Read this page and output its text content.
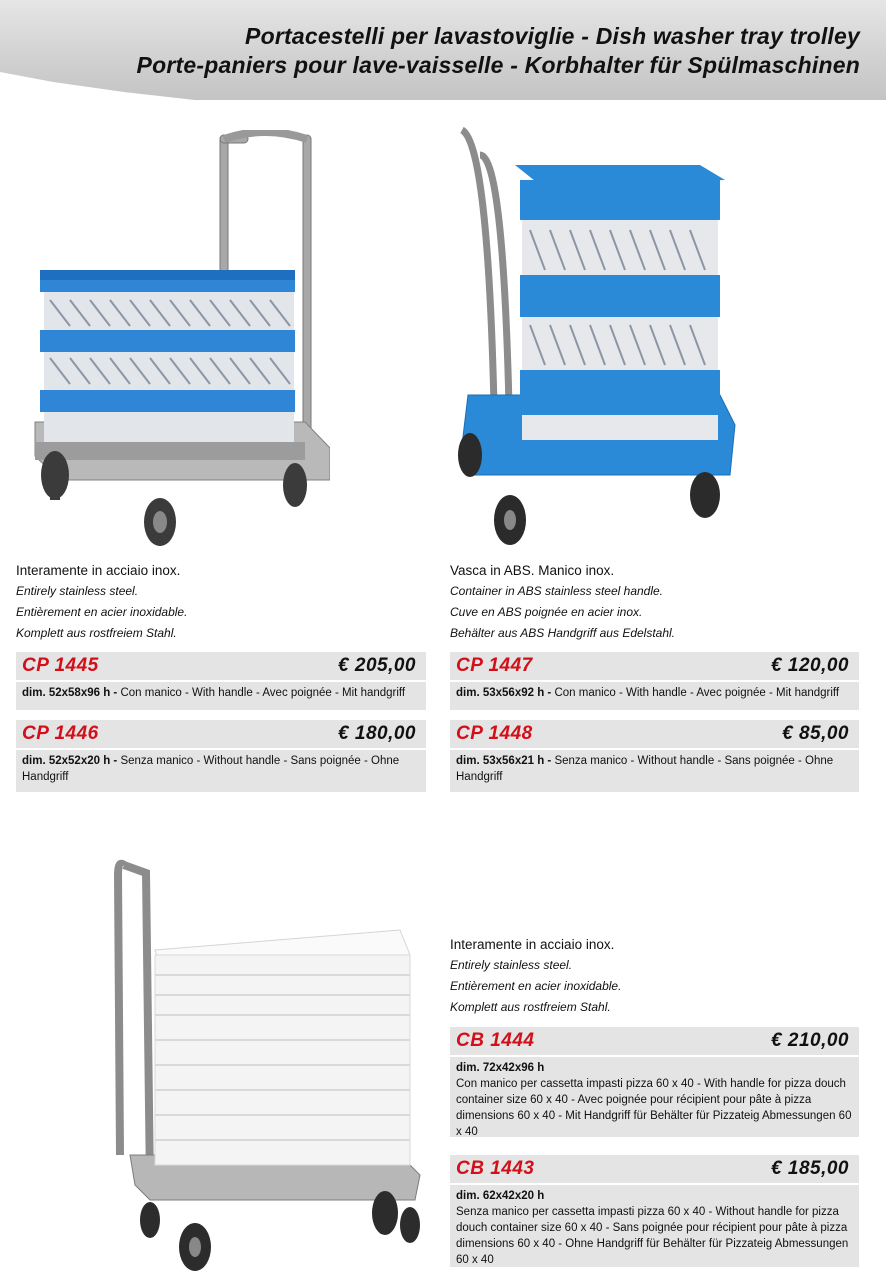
Portacestelli per lavastoviglie - Dish washer tray trolley
Porte-paniers pour lave-vaisselle - Korbhalter für Spülmaschinen
Interamente in acciaio inox.
Entirely stainless steel.
Entièrement en acier inoxidable.
Komplett aus rostfreiem Stahl.
Vasca in ABS. Manico inox.
Container in ABS stainless steel handle.
Cuve en ABS poignée en acier inox.
Behälter aus ABS Handgriff aus Edelstahl.
CP 1445	€ 205,00
dim. 52x58x96 h - Con manico - With handle - Avec poignée - Mit handgriff
CP 1446	€ 180,00
dim. 52x52x20 h - Senza manico - Without handle - Sans poignée - Ohne Handgriff
CP 1447	€ 120,00
dim. 53x56x92 h - Con manico - With handle - Avec poignée - Mit handgriff
CP 1448	€ 85,00
dim. 53x56x21 h - Senza manico - Without handle - Sans poignée - Ohne Handgriff
Interamente in acciaio inox.
Entirely stainless steel.
Entièrement en acier inoxidable.
Komplett aus rostfreiem Stahl.
CB 1444	€ 210,00
dim. 72x42x96 h
Con manico per cassetta impasti pizza 60 x 40 - With handle for pizza douch container size 60 x 40 - Avec poignée pour récipient pour pâte à pizza dimensions 60 x 40 - Mit Handgriff für Behälter für Pizzateig Abmessungen 60 x 40
CB 1443	€ 185,00
dim. 62x42x20 h
Senza manico per cassetta impasti pizza 60 x 40 - Without handle for pizza douch container size 60 x 40 - Sans poignée pour récipient pour pâte à pizza dimensions 60 x 40 - Ohne Handgriff für Behälter für Pizzateig Abmessungen 60 x 40
